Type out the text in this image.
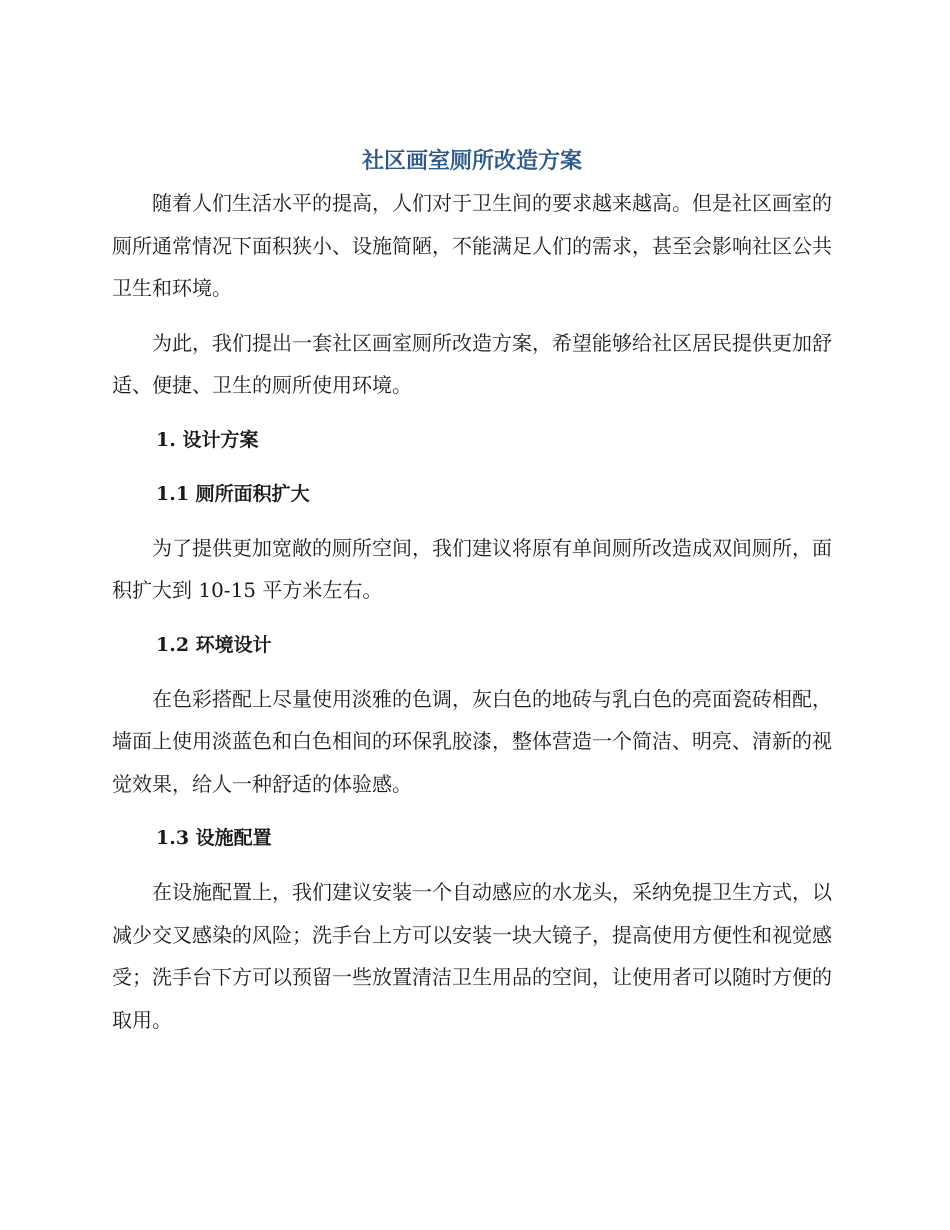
社区画室厕所改造方案

随着人们生活水平的提高，人们对于卫生间的要求越来越高。但是社区画室的厕所通常情况下面积狭小、设施简陋，不能满足人们的需求，甚至会影响社区公共卫生和环境。

为此，我们提出一套社区画室厕所改造方案，希望能够给社区居民提供更加舒适、便捷、卫生的厕所使用环境。

1. 设计方案
1.1 厕所面积扩大

为了提供更加宽敞的厕所空间，我们建议将原有单间厕所改造成双间厕所，面积扩大到 10-15 平方米左右。

1.2 环境设计

在色彩搭配上尽量使用淡雅的色调，灰白色的地砖与乳白色的亮面瓷砖相配，墙面上使用淡蓝色和白色相间的环保乳胶漆，整体营造一个简洁、明亮、清新的视觉效果，给人一种舒适的体验感。

1.3 设施配置

在设施配置上，我们建议安装一个自动感应的水龙头，采纳免提卫生方式，以减少交叉感染的风险；洗手台上方可以安装一块大镜子，提高使用方便性和视觉感受；洗手台下方可以预留一些放置清洁卫生用品的空间，让使用者可以随时方便的取用。
